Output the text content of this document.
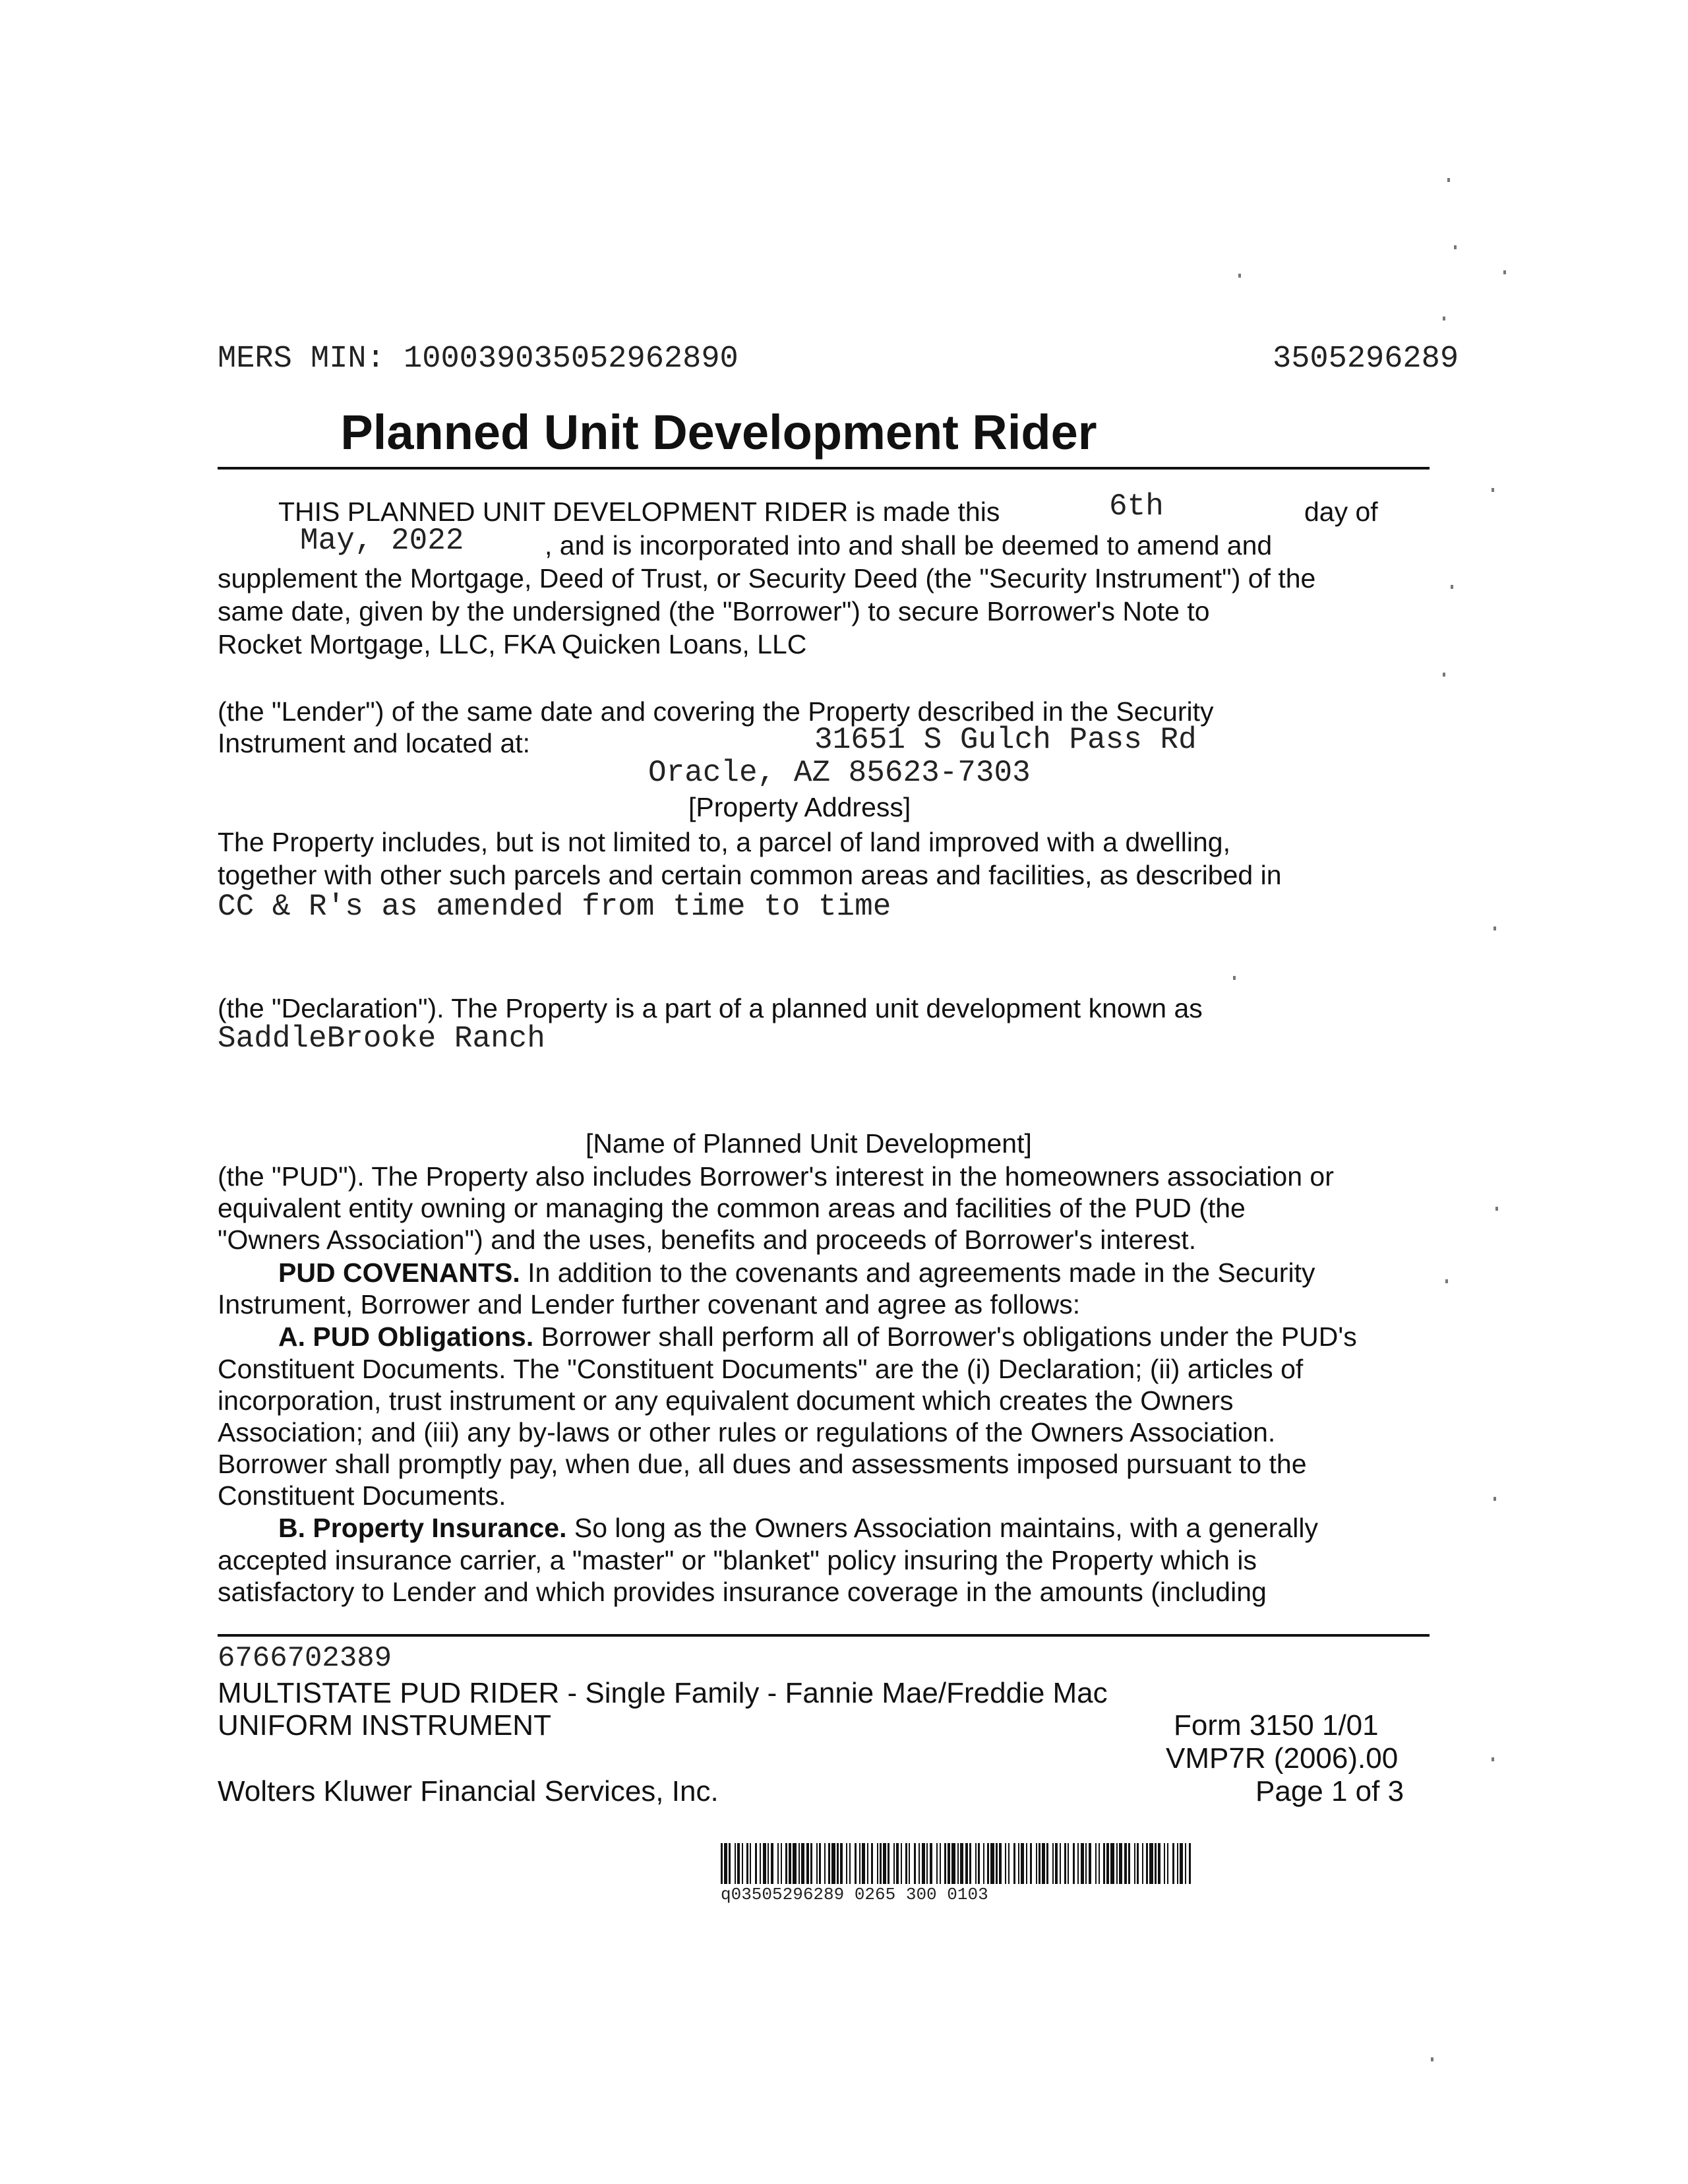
MERS MIN: 100039035052962890	3505296289
Planned Unit Development Rider
THIS PLANNED UNIT DEVELOPMENT RIDER is made this	6th	day of
May, 2022	, and is incorporated into and shall be deemed to amend and
supplement the Mortgage, Deed of Trust, or Security Deed (the "Security Instrument") of the
same date, given by the undersigned (the "Borrower") to secure Borrower's Note to
Rocket Mortgage, LLC, FKA Quicken Loans, LLC
(the "Lender") of the same date and covering the Property described in the Security
Instrument and located at:	31651 S Gulch Pass Rd
Oracle, AZ 85623-7303
[Property Address]
The Property includes, but is not limited to, a parcel of land improved with a dwelling,
together with other such parcels and certain common areas and facilities, as described in
CC & R's as amended from time to time
(the "Declaration"). The Property is a part of a planned unit development known as
SaddleBrooke Ranch
[Name of Planned Unit Development]
(the "PUD"). The Property also includes Borrower's interest in the homeowners association or
equivalent entity owning or managing the common areas and facilities of the PUD (the
"Owners Association") and the uses, benefits and proceeds of Borrower's interest.
PUD COVENANTS. In addition to the covenants and agreements made in the Security
Instrument, Borrower and Lender further covenant and agree as follows:
A. PUD Obligations. Borrower shall perform all of Borrower's obligations under the PUD's
Constituent Documents. The "Constituent Documents" are the (i) Declaration; (ii) articles of
incorporation, trust instrument or any equivalent document which creates the Owners
Association; and (iii) any by-laws or other rules or regulations of the Owners Association.
Borrower shall promptly pay, when due, all dues and assessments imposed pursuant to the
Constituent Documents.
B. Property Insurance. So long as the Owners Association maintains, with a generally
accepted insurance carrier, a "master" or "blanket" policy insuring the Property which is
satisfactory to Lender and which provides insurance coverage in the amounts (including
6766702389
MULTISTATE PUD RIDER - Single Family - Fannie Mae/Freddie Mac
UNIFORM INSTRUMENT	Form 3150 1/01
VMP7R (2006).00
Wolters Kluwer Financial Services, Inc.	Page 1 of 3
q03505296289 0265 300 0103
